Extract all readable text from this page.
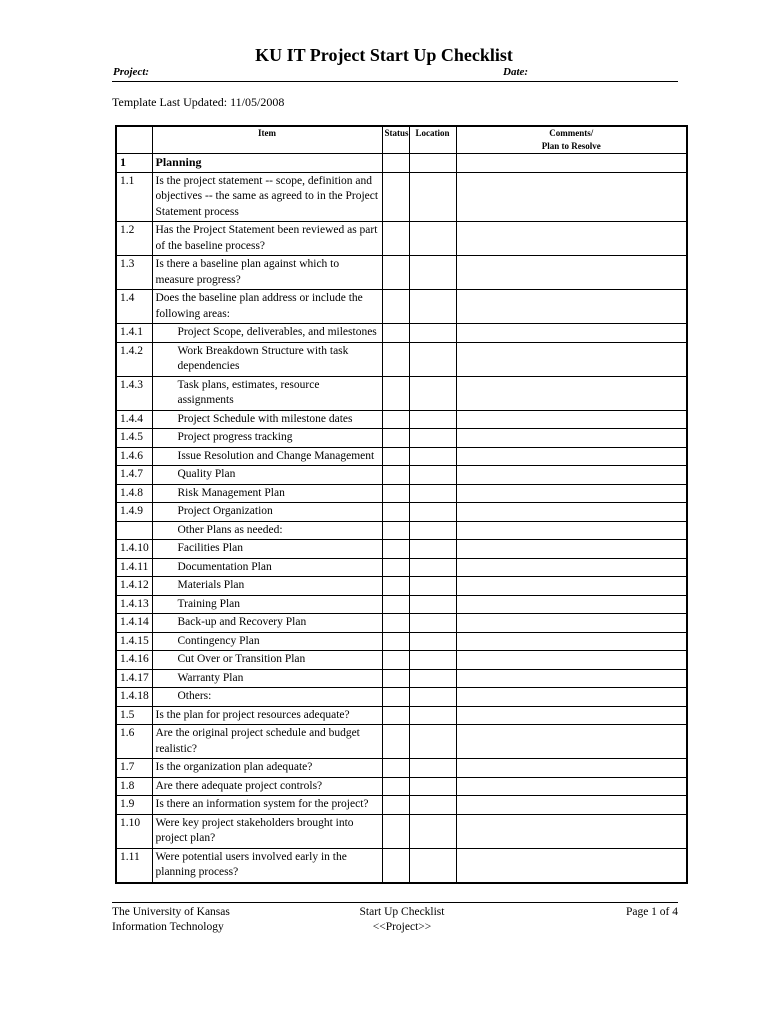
KU IT Project Start Up Checklist
Project:	Date:
Template Last Updated: 11/05/2008
	Item	Status	Location	Comments/
Plan to Resolve

1	Planning			
1.1	Is the project statement -- scope, definition and objectives -- the same as agreed to in the Project Statement process			
1.2	Has the Project Statement been reviewed as part of the baseline process?			
1.3	Is there a baseline plan against which to measure progress?			
1.4	Does the baseline plan address or include the following areas:			
1.4.1	Project Scope, deliverables, and milestones			

1.4.2	Work Breakdown Structure with task dependencies			

1.4.3	Task plans, estimates, resource assignments			

1.4.4	Project Schedule with milestone dates			

1.4.5	Project progress tracking			

1.4.6	Issue Resolution and Change Management			

1.4.7	Quality Plan			

1.4.8	Risk Management Plan			

1.4.9	Project Organization			

	Other Plans as needed:			

1.4.10	Facilities Plan			

1.4.11	Documentation Plan			

1.4.12	Materials Plan			

1.4.13	Training Plan			

1.4.14	Back-up and Recovery Plan			

1.4.15	Contingency Plan			

1.4.16	Cut Over or Transition Plan			

1.4.17	Warranty Plan			

1.4.18	Others:			

1.5	Is the plan for project resources adequate?			
1.6	Are the original project schedule and budget realistic?			
1.7	Is the organization plan adequate?			
1.8	Are there adequate project controls?			
1.9	Is there an information system for the project?			
1.10	Were key project stakeholders brought into project plan?			
1.11	Were potential users involved early in the planning process?			
The University of Kansas
Information Technology
Start Up Checklist
<<Project>>
Page 1 of 4
